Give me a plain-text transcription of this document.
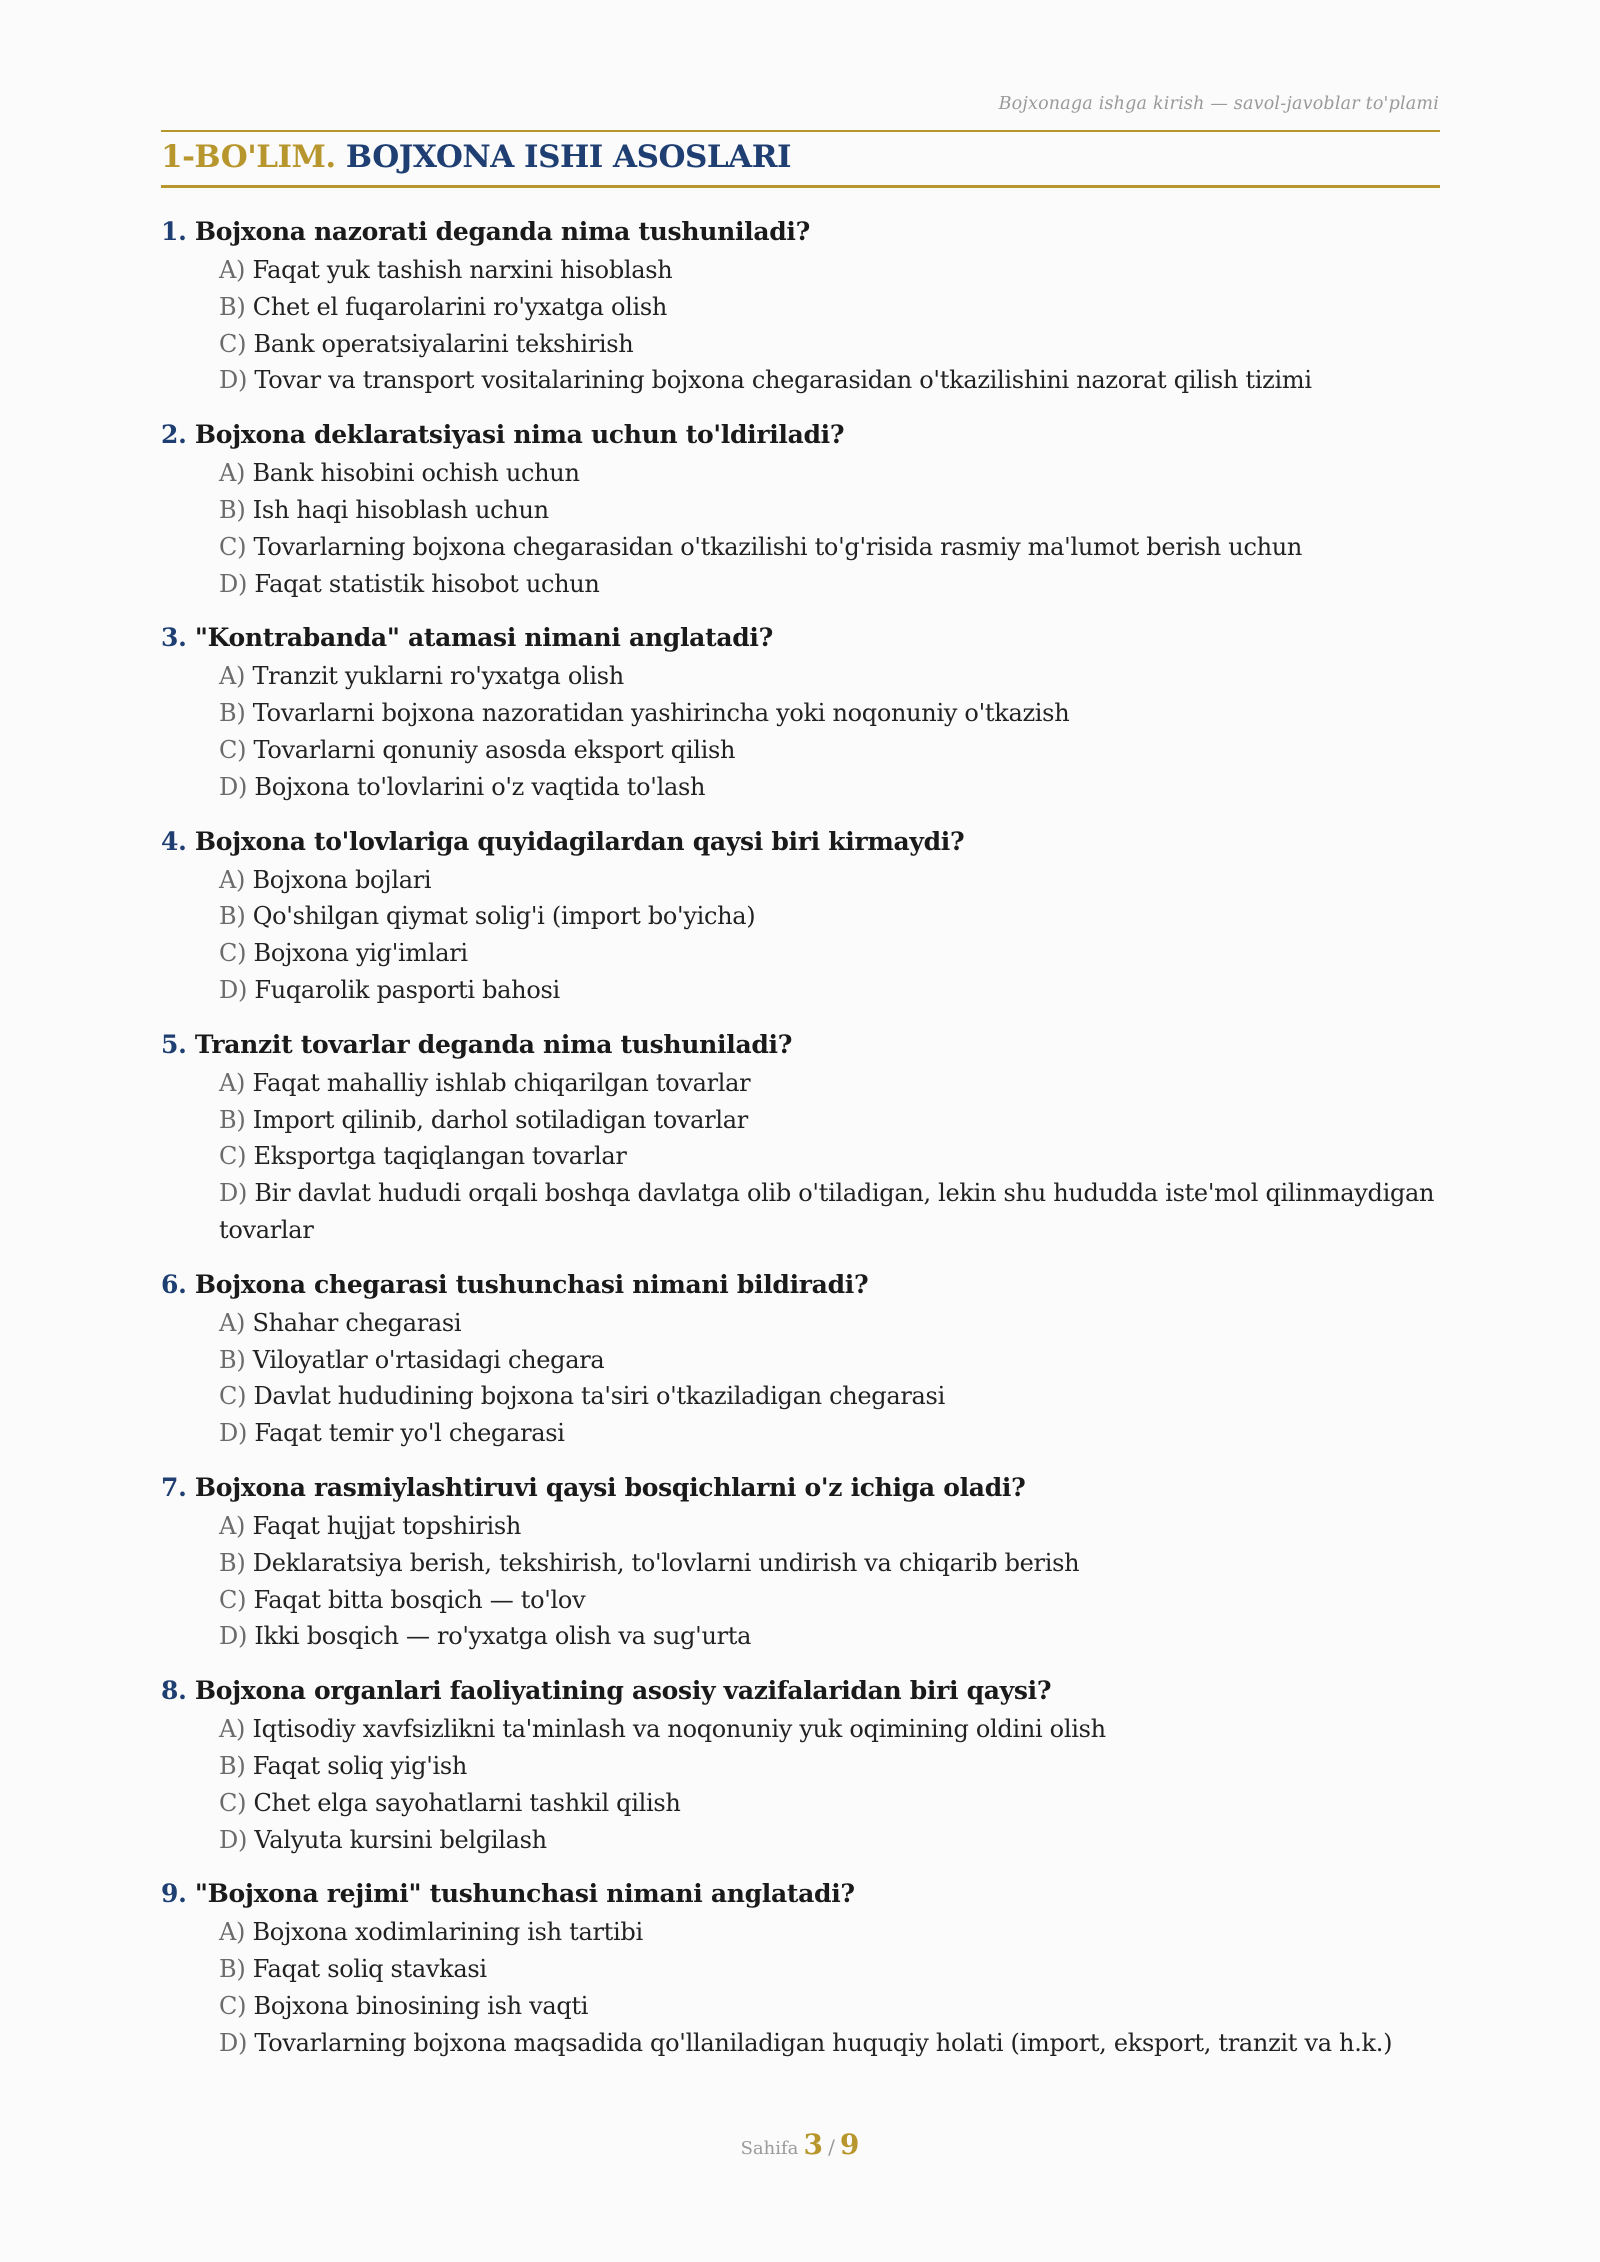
Bojxonaga ishga kirish — savol-javoblar to'plami
1-BO'LIM. BOJXONA ISHI ASOSLARI
1. Bojxona nazorati deganda nima tushuniladi?
A) Faqat yuk tashish narxini hisoblash
B) Chet el fuqarolarini ro'yxatga olish
C) Bank operatsiyalarini tekshirish
D) Tovar va transport vositalarining bojxona chegarasidan o'tkazilishini nazorat qilish tizimi
2. Bojxona deklaratsiyasi nima uchun to'ldiriladi?
A) Bank hisobini ochish uchun
B) Ish haqi hisoblash uchun
C) Tovarlarning bojxona chegarasidan o'tkazilishi to'g'risida rasmiy ma'lumot berish uchun
D) Faqat statistik hisobot uchun
3. "Kontrabanda" atamasi nimani anglatadi?
A) Tranzit yuklarni ro'yxatga olish
B) Tovarlarni bojxona nazoratidan yashirincha yoki noqonuniy o'tkazish
C) Tovarlarni qonuniy asosda eksport qilish
D) Bojxona to'lovlarini o'z vaqtida to'lash
4. Bojxona to'lovlariga quyidagilardan qaysi biri kirmaydi?
A) Bojxona bojlari
B) Qo'shilgan qiymat solig'i (import bo'yicha)
C) Bojxona yig'imlari
D) Fuqarolik pasporti bahosi
5. Tranzit tovarlar deganda nima tushuniladi?
A) Faqat mahalliy ishlab chiqarilgan tovarlar
B) Import qilinib, darhol sotiladigan tovarlar
C) Eksportga taqiqlangan tovarlar
D) Bir davlat hududi orqali boshqa davlatga olib o'tiladigan, lekin shu hududda iste'mol qilinmaydigan tovarlar
6. Bojxona chegarasi tushunchasi nimani bildiradi?
A) Shahar chegarasi
B) Viloyatlar o'rtasidagi chegara
C) Davlat hududining bojxona ta'siri o'tkaziladigan chegarasi
D) Faqat temir yo'l chegarasi
7. Bojxona rasmiylashtiruvi qaysi bosqichlarni o'z ichiga oladi?
A) Faqat hujjat topshirish
B) Deklaratsiya berish, tekshirish, to'lovlarni undirish va chiqarib berish
C) Faqat bitta bosqich — to'lov
D) Ikki bosqich — ro'yxatga olish va sug'urta
8. Bojxona organlari faoliyatining asosiy vazifalaridan biri qaysi?
A) Iqtisodiy xavfsizlikni ta'minlash va noqonuniy yuk oqimining oldini olish
B) Faqat soliq yig'ish
C) Chet elga sayohatlarni tashkil qilish
D) Valyuta kursini belgilash
9. "Bojxona rejimi" tushunchasi nimani anglatadi?
A) Bojxona xodimlarining ish tartibi
B) Faqat soliq stavkasi
C) Bojxona binosining ish vaqti
D) Tovarlarning bojxona maqsadida qo'llaniladigan huquqiy holati (import, eksport, tranzit va h.k.)
Sahifa 3 / 9
